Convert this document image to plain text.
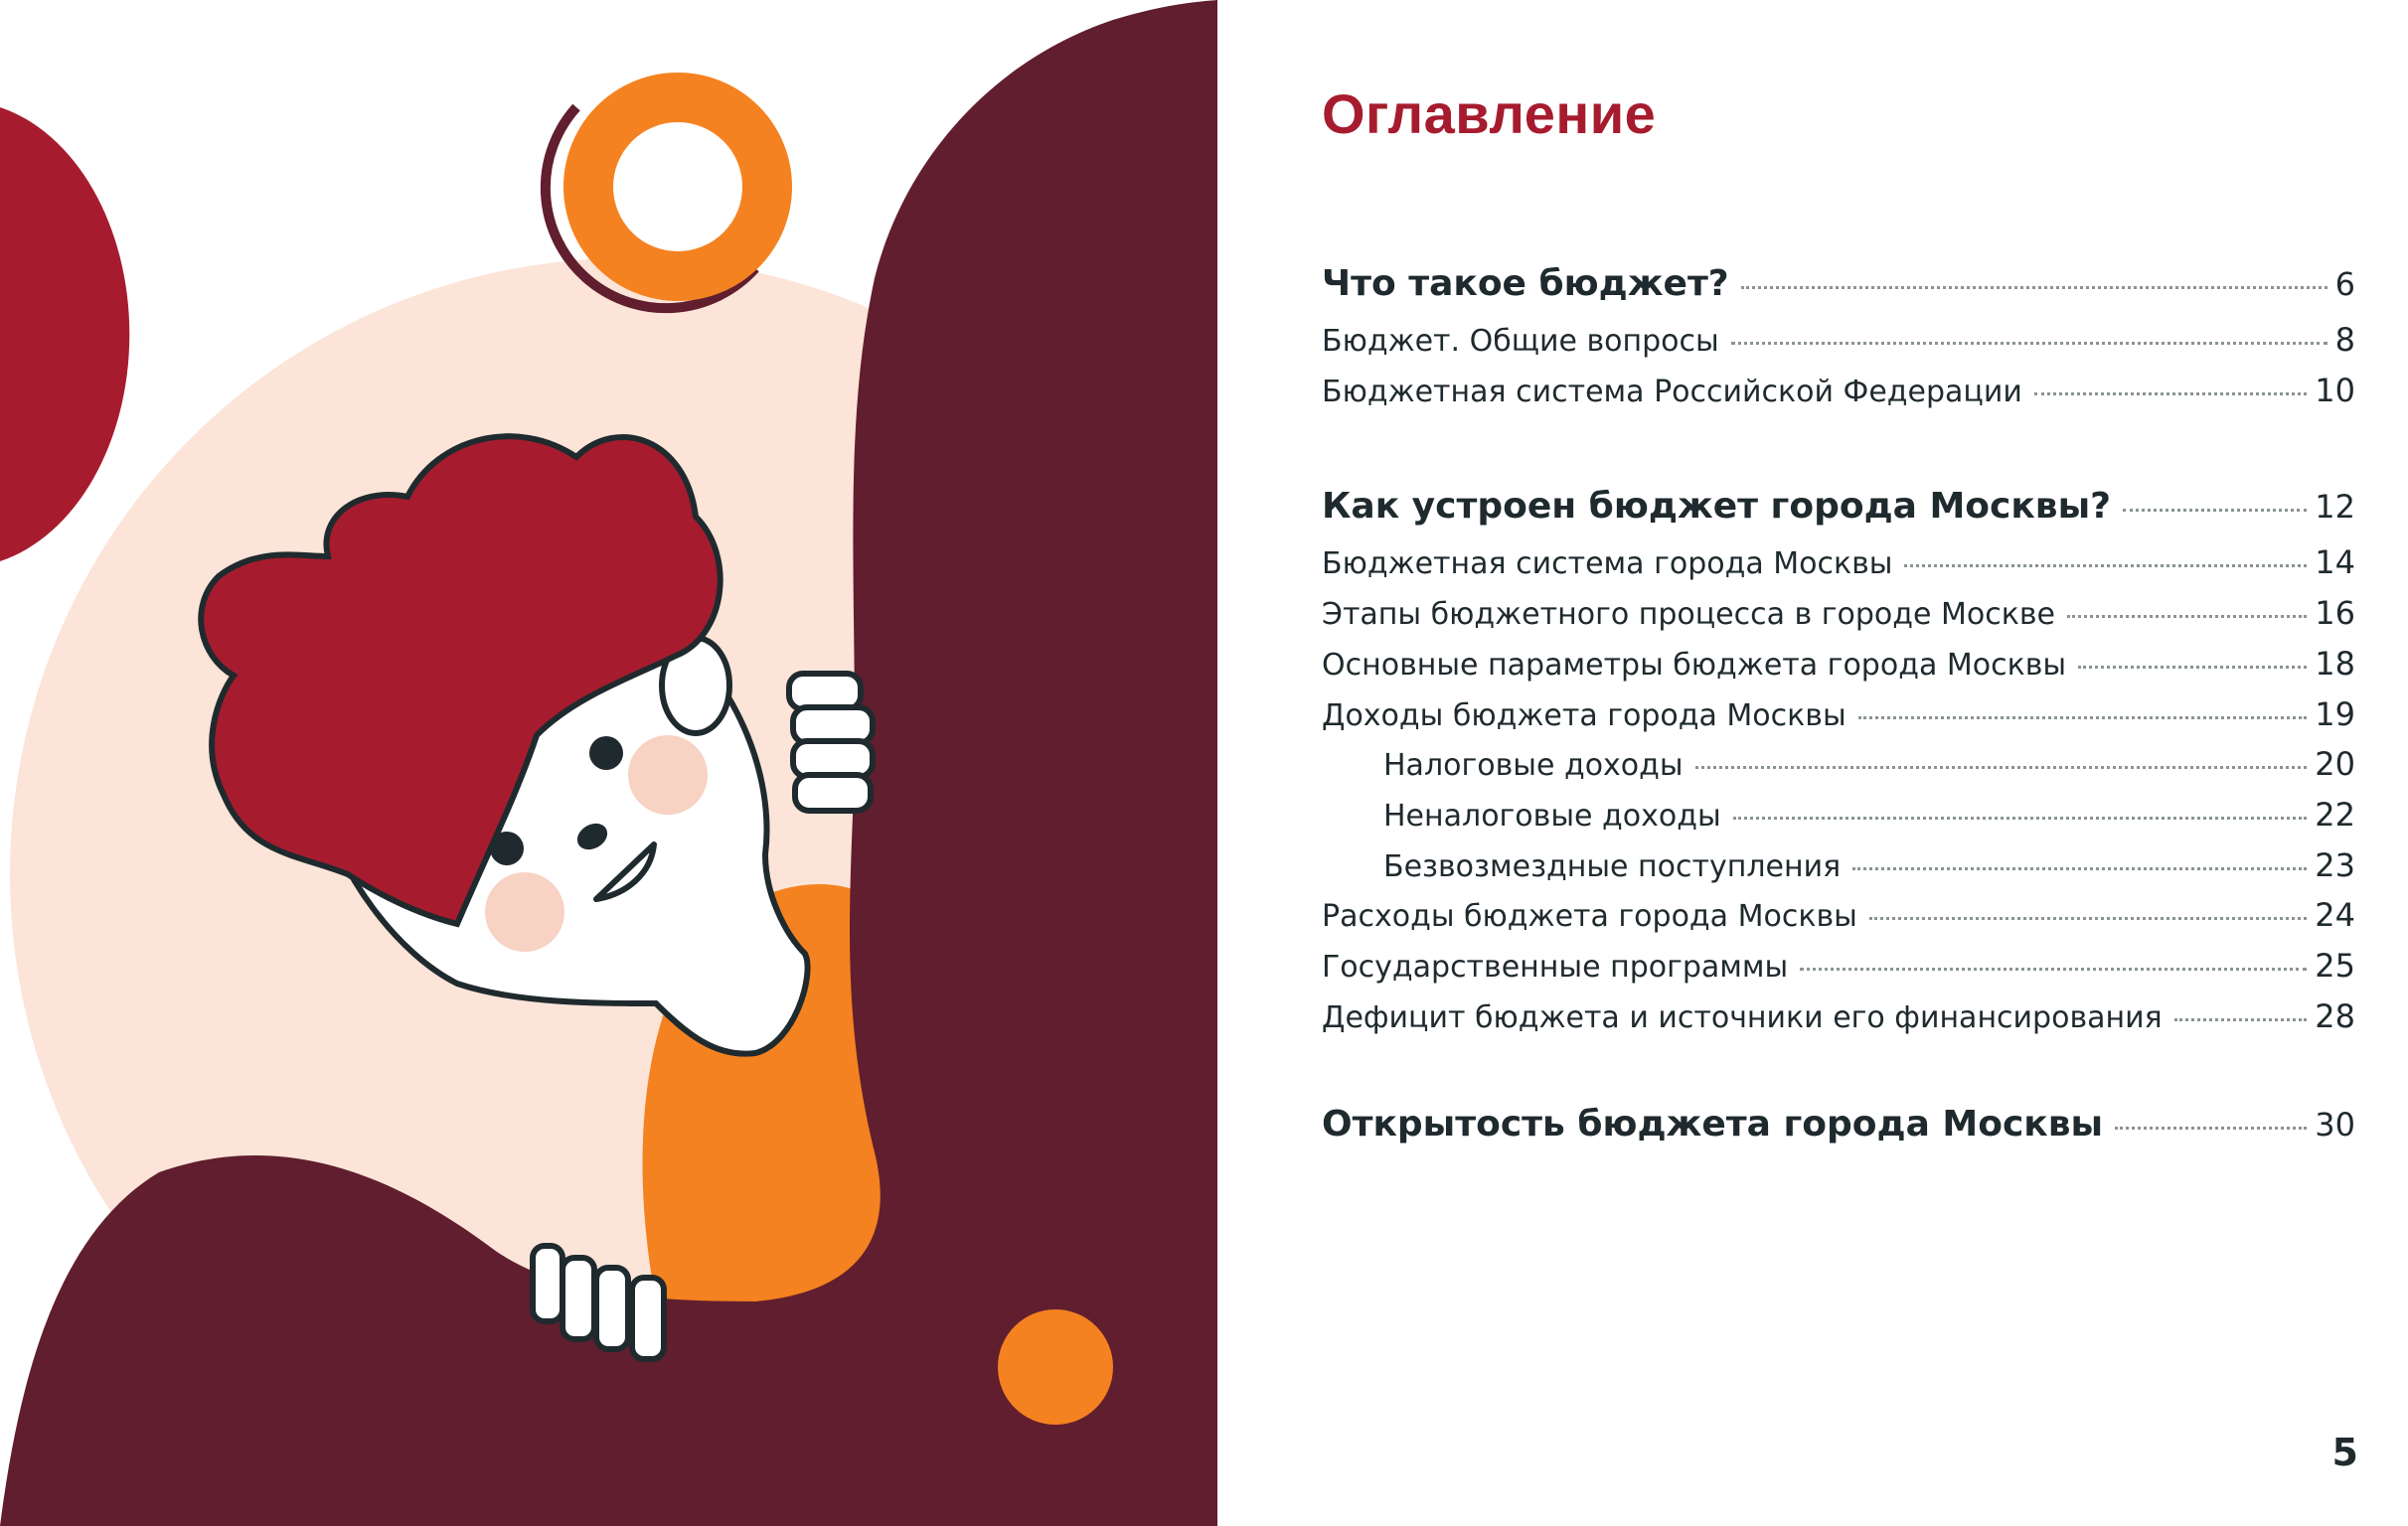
Оглавление
Что такое бюджет?	6
Бюджет. Общие вопросы	8
Бюджетная система Российской Федерации	10
Как устроен бюджет города Москвы?	12
Бюджетная система города Москвы	14
Этапы бюджетного процесса в городе Москве	16
Основные параметры бюджета города Москвы	18
Доходы бюджета города Москвы	19
Налоговые доходы	20
Неналоговые доходы	22
Безвозмездные поступления	23
Расходы бюджета города Москвы	24
Государственные программы	25
Дефицит бюджета и источники его финансирования	28
Открытость бюджета города Москвы	30
5
